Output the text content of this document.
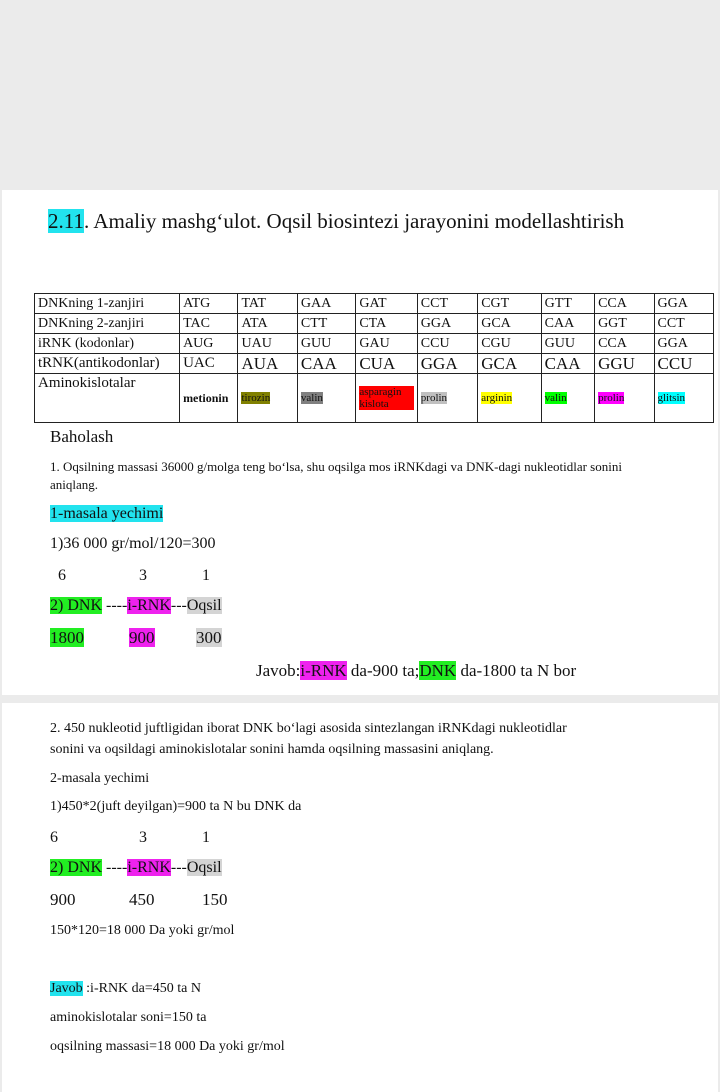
2.11. Amaliy mashg‘ulot. Oqsil biosintezi jarayonini modellashtirish
DNKning 1-zanjiri	ATG	TAT	GAA	GAT	CCT	CGT	GTT	CCA	GGA
DNKning 2-zanjiri	TAC	ATA	CTT	CTA	GGA	GCA	CAA	GGT	CCT
iRNK (kodonlar)	AUG	UAU	GUU	GAU	CCU	CGU	GUU	CCA	GGA
tRNK(antikodonlar)	UAC	AUA	CAA	CUA	GGA	GCA	CAA	GGU	CCU
Aminokislotalar	metionin	tirozin	valin	asparagin kislota	prolin	arginin	valin	prolin	glitsin
Baholash
1. Oqsilning massasi 36000 g/molga teng bo‘lsa, shu oqsilga mos iRNKdagi va DNK-dagi nukleotidlar sonini
aniqlang.
1-masala yechimi
1)36 000 gr/mol/120=300
6	3	1
2) DNK ----i-RNK---Oqsil
1800	900 300
Javob:i-RNK da-900 ta;DNK da-1800 ta N bor
2. 450 nukleotid juftligidan iborat DNK bo‘lagi asosida sintezlangan iRNKdagi nukleotidlar
sonini va oqsildagi aminokislotalar sonini hamda oqsilning massasini aniqlang.
2-masala yechimi
1)450*2(juft deyilgan)=900 ta N bu DNK da
6	3	1
2) DNK ----i-RNK---Oqsil
900	450	150
150*120=18 000 Da yoki gr/mol
Javob :i-RNK da=450 ta N
aminokislotalar soni=150 ta
oqsilning massasi=18 000 Da yoki gr/mol
